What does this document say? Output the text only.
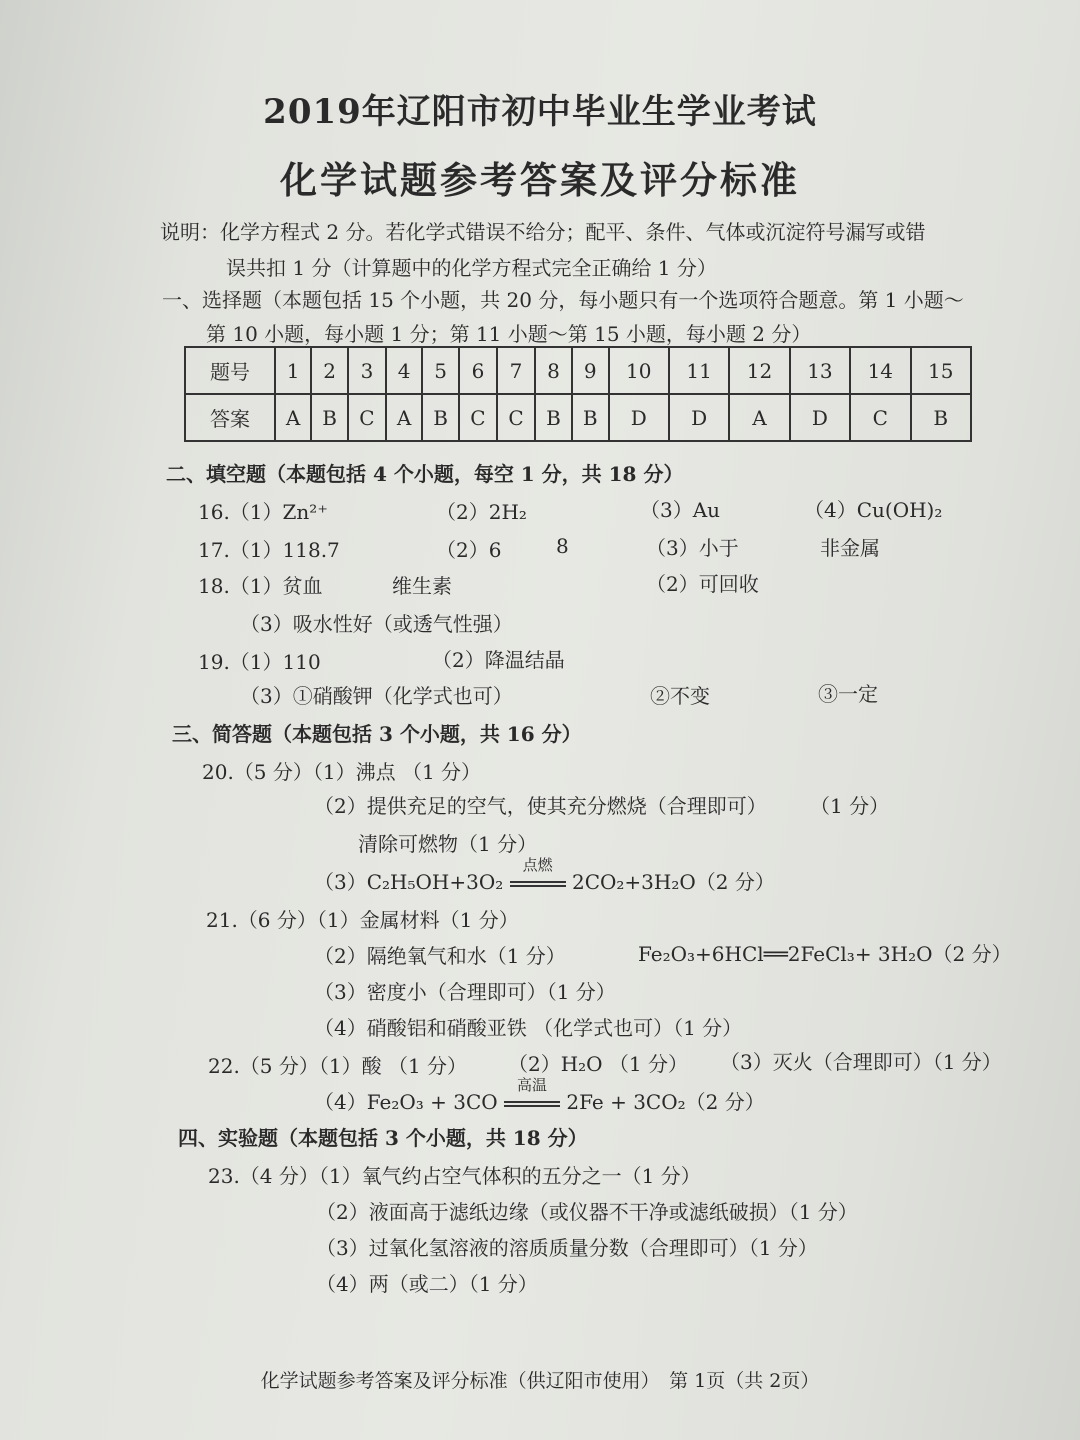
2019年辽阳市初中毕业生学业考试
化学试题参考答案及评分标准
说明：化学方程式 2 分。若化学式错误不给分；配平、条件、气体或沉淀符号漏写或错
误共扣 1 分（计算题中的化学方程式完全正确给 1 分）
一、选择题（本题包括 15 个小题，共 20 分，每小题只有一个选项符合题意。第 1 小题～
第 10 小题，每小题 1 分；第 11 小题～第 15 小题，每小题 2 分）
题号	1	2	3	4	5	6	7	8	9	10	11	12	13	14	15
答案	A	B	C	A	B	C	C	B	B	D	D	A	D	C	B
二、填空题（本题包括 4 个小题，每空 1 分，共 18 分）
16.（1）Zn²⁺	（2）2H₂	（3）Au	（4）Cu(OH)₂
17.（1）118.7	（2）6	8	（3）小于	非金属
18.（1）贫血	维生素	（2）可回收
（3）吸水性好（或透气性强）
19.（1）110	（2）降温结晶
（3）①硝酸钾（化学式也可）	②不变	③一定
三、简答题（本题包括 3 个小题，共 16 分）
20.（5 分）（1）沸点 （1 分）
（2）提供充足的空气，使其充分燃烧（合理即可） （1 分）
清除可燃物（1 分）
（3）C₂H₅OH+3O₂
点燃
2CO₂+3H₂O（2 分）
21.（6 分）（1）金属材料（1 分）
（2）隔绝氧气和水（1 分）	Fe₂O₃+6HCl══2FeCl₃+ 3H₂O（2 分）
（3）密度小（合理即可）（1 分）
（4）硝酸铝和硝酸亚铁 （化学式也可）（1 分）
22.（5 分）（1）酸 （1 分） （2）H₂O （1 分） （3）灭火（合理即可）（1 分）
（4）Fe₂O₃ + 3CO
高温
2Fe + 3CO₂（2 分）
四、实验题（本题包括 3 个小题，共 18 分）
23.（4 分）（1）氧气约占空气体积的五分之一（1 分）
（2）液面高于滤纸边缘（或仪器不干净或滤纸破损）（1 分）
（3）过氧化氢溶液的溶质质量分数（合理即可）（1 分）
（4）两（或二）（1 分）
化学试题参考答案及评分标准（供辽阳市使用）　第 1页（共 2页）
